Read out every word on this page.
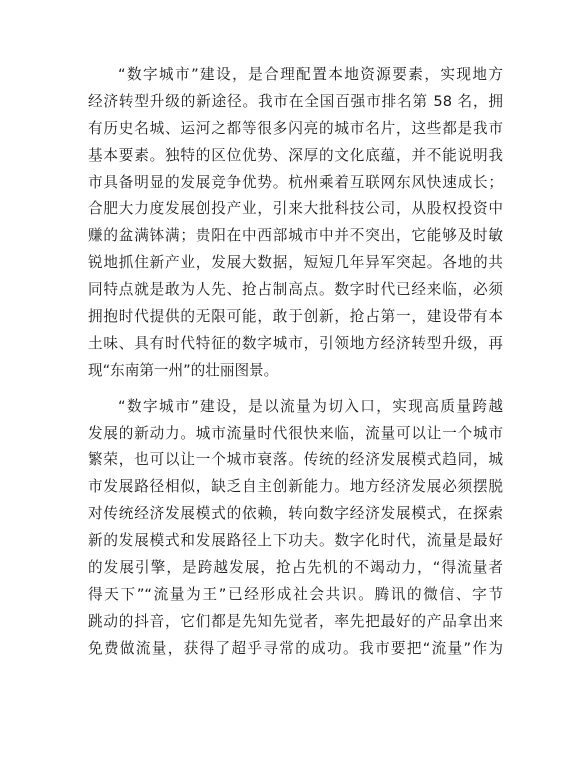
“数字城市”建设，是合理配置本地资源要素，实现地方
经济转型升级的新途径。我市在全国百强市排名第 58 名，拥
有历史名城、运河之都等很多闪亮的城市名片，这些都是我市
基本要素。独特的区位优势、深厚的文化底蕴，并不能说明我
市具备明显的发展竞争优势。杭州乘着互联网东风快速成长；
合肥大力度发展创投产业，引来大批科技公司，从股权投资中
赚的盆满钵满；贵阳在中西部城市中并不突出，它能够及时敏
锐地抓住新产业，发展大数据，短短几年异军突起。各地的共
同特点就是敢为人先、抢占制高点。数字时代已经来临，必须
拥抱时代提供的无限可能，敢于创新，抢占第一，建设带有本
土味、具有时代特征的数字城市，引领地方经济转型升级，再
现“东南第一州”的壮丽图景。
“数字城市”建设，是以流量为切入口，实现高质量跨越
发展的新动力。城市流量时代很快来临，流量可以让一个城市
繁荣，也可以让一个城市衰落。传统的经济发展模式趋同，城
市发展路径相似，缺乏自主创新能力。地方经济发展必须摆脱
对传统经济发展模式的依赖，转向数字经济发展模式，在探索
新的发展模式和发展路径上下功夫。数字化时代，流量是最好
的发展引擎，是跨越发展，抢占先机的不竭动力，“得流量者
得天下”“流量为王”已经形成社会共识。腾讯的微信、字节
跳动的抖音，它们都是先知先觉者，率先把最好的产品拿出来
免费做流量，获得了超乎寻常的成功。我市要把“流量”作为
